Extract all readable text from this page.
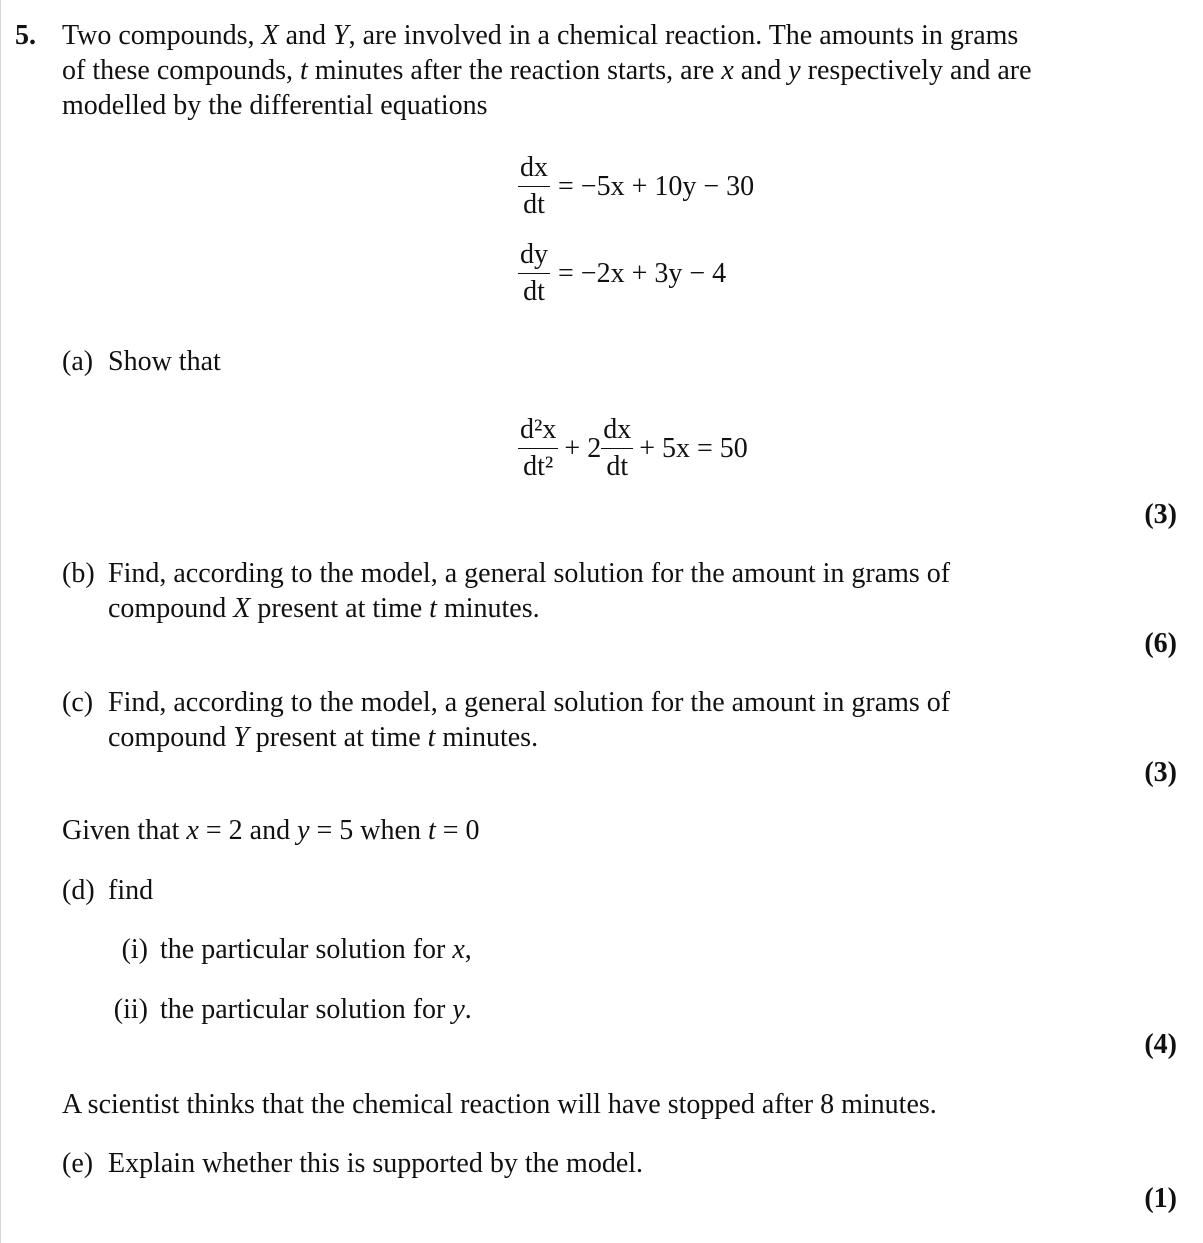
5. Two compounds, X and Y, are involved in a chemical reaction. The amounts in grams
of these compounds, t minutes after the reaction starts, are x and y respectively and are
modelled by the differential equations
$\frac{dx}{dt} = -5x + 10y - 30$
$\frac{dy}{dt} = -2x + 3y - 4$
(a) Show that
$\frac{\text{d²x}}{\text{dt²}} + 2 \frac{dx}{dt} + 5x = 50$
(3)
(b) Find, according to the model, a general solution for the amount in grams of
compound X present at time t minutes.
(6)
(c) Find, according to the model, a general solution for the amount in grams of
compound Y present at time t minutes.
(3)
Given that x = 2 and y = 5 when t = 0
(d) find
(i) the particular solution for x,
(ii) the particular solution for y.
(4)
A scientist thinks that the chemical reaction will have stopped after 8 minutes.
(e) Explain whether this is supported by the model.
(1)
